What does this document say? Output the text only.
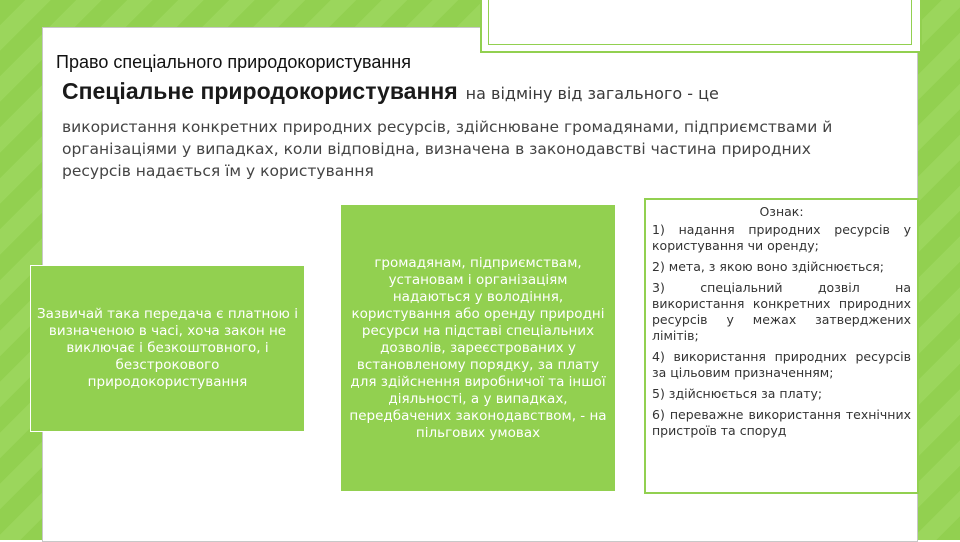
Право спеціального природокористування
Спеціальне природокористування на відміну від загального - це
використання конкретних природних ресурсів, здійснюване громадянами, підприємствами й організаціями у випадках, коли відповідна, визначена в законодавстві частина природних ресурсів надається їм у користування
Зазвичай така передача є платною і визначеною в часі, хоча закон не виключає і безкоштовного, і безстрокового природокористування
громадянам, підприємствам, установам і організаціям надаються у володіння, користування або оренду природні ресурси на підставі спеціальних дозволів, зареєстрованих у встановленому порядку, за плату для здійснення виробничої та іншої діяльності, а у випадках, передбачених законодавством, - на пільгових умовах
Ознак:
1) надання природних ресурсів у користування чи оренду;
2) мета, з якою воно здійснюється;
3) спеціальний дозвіл на використання конкретних природних ресурсів у межах затверджених лімітів;
4) використання природних ресурсів за цільовим призначенням;
5) здійснюється за плату;
6) переважне використання технічних пристроїв та споруд
